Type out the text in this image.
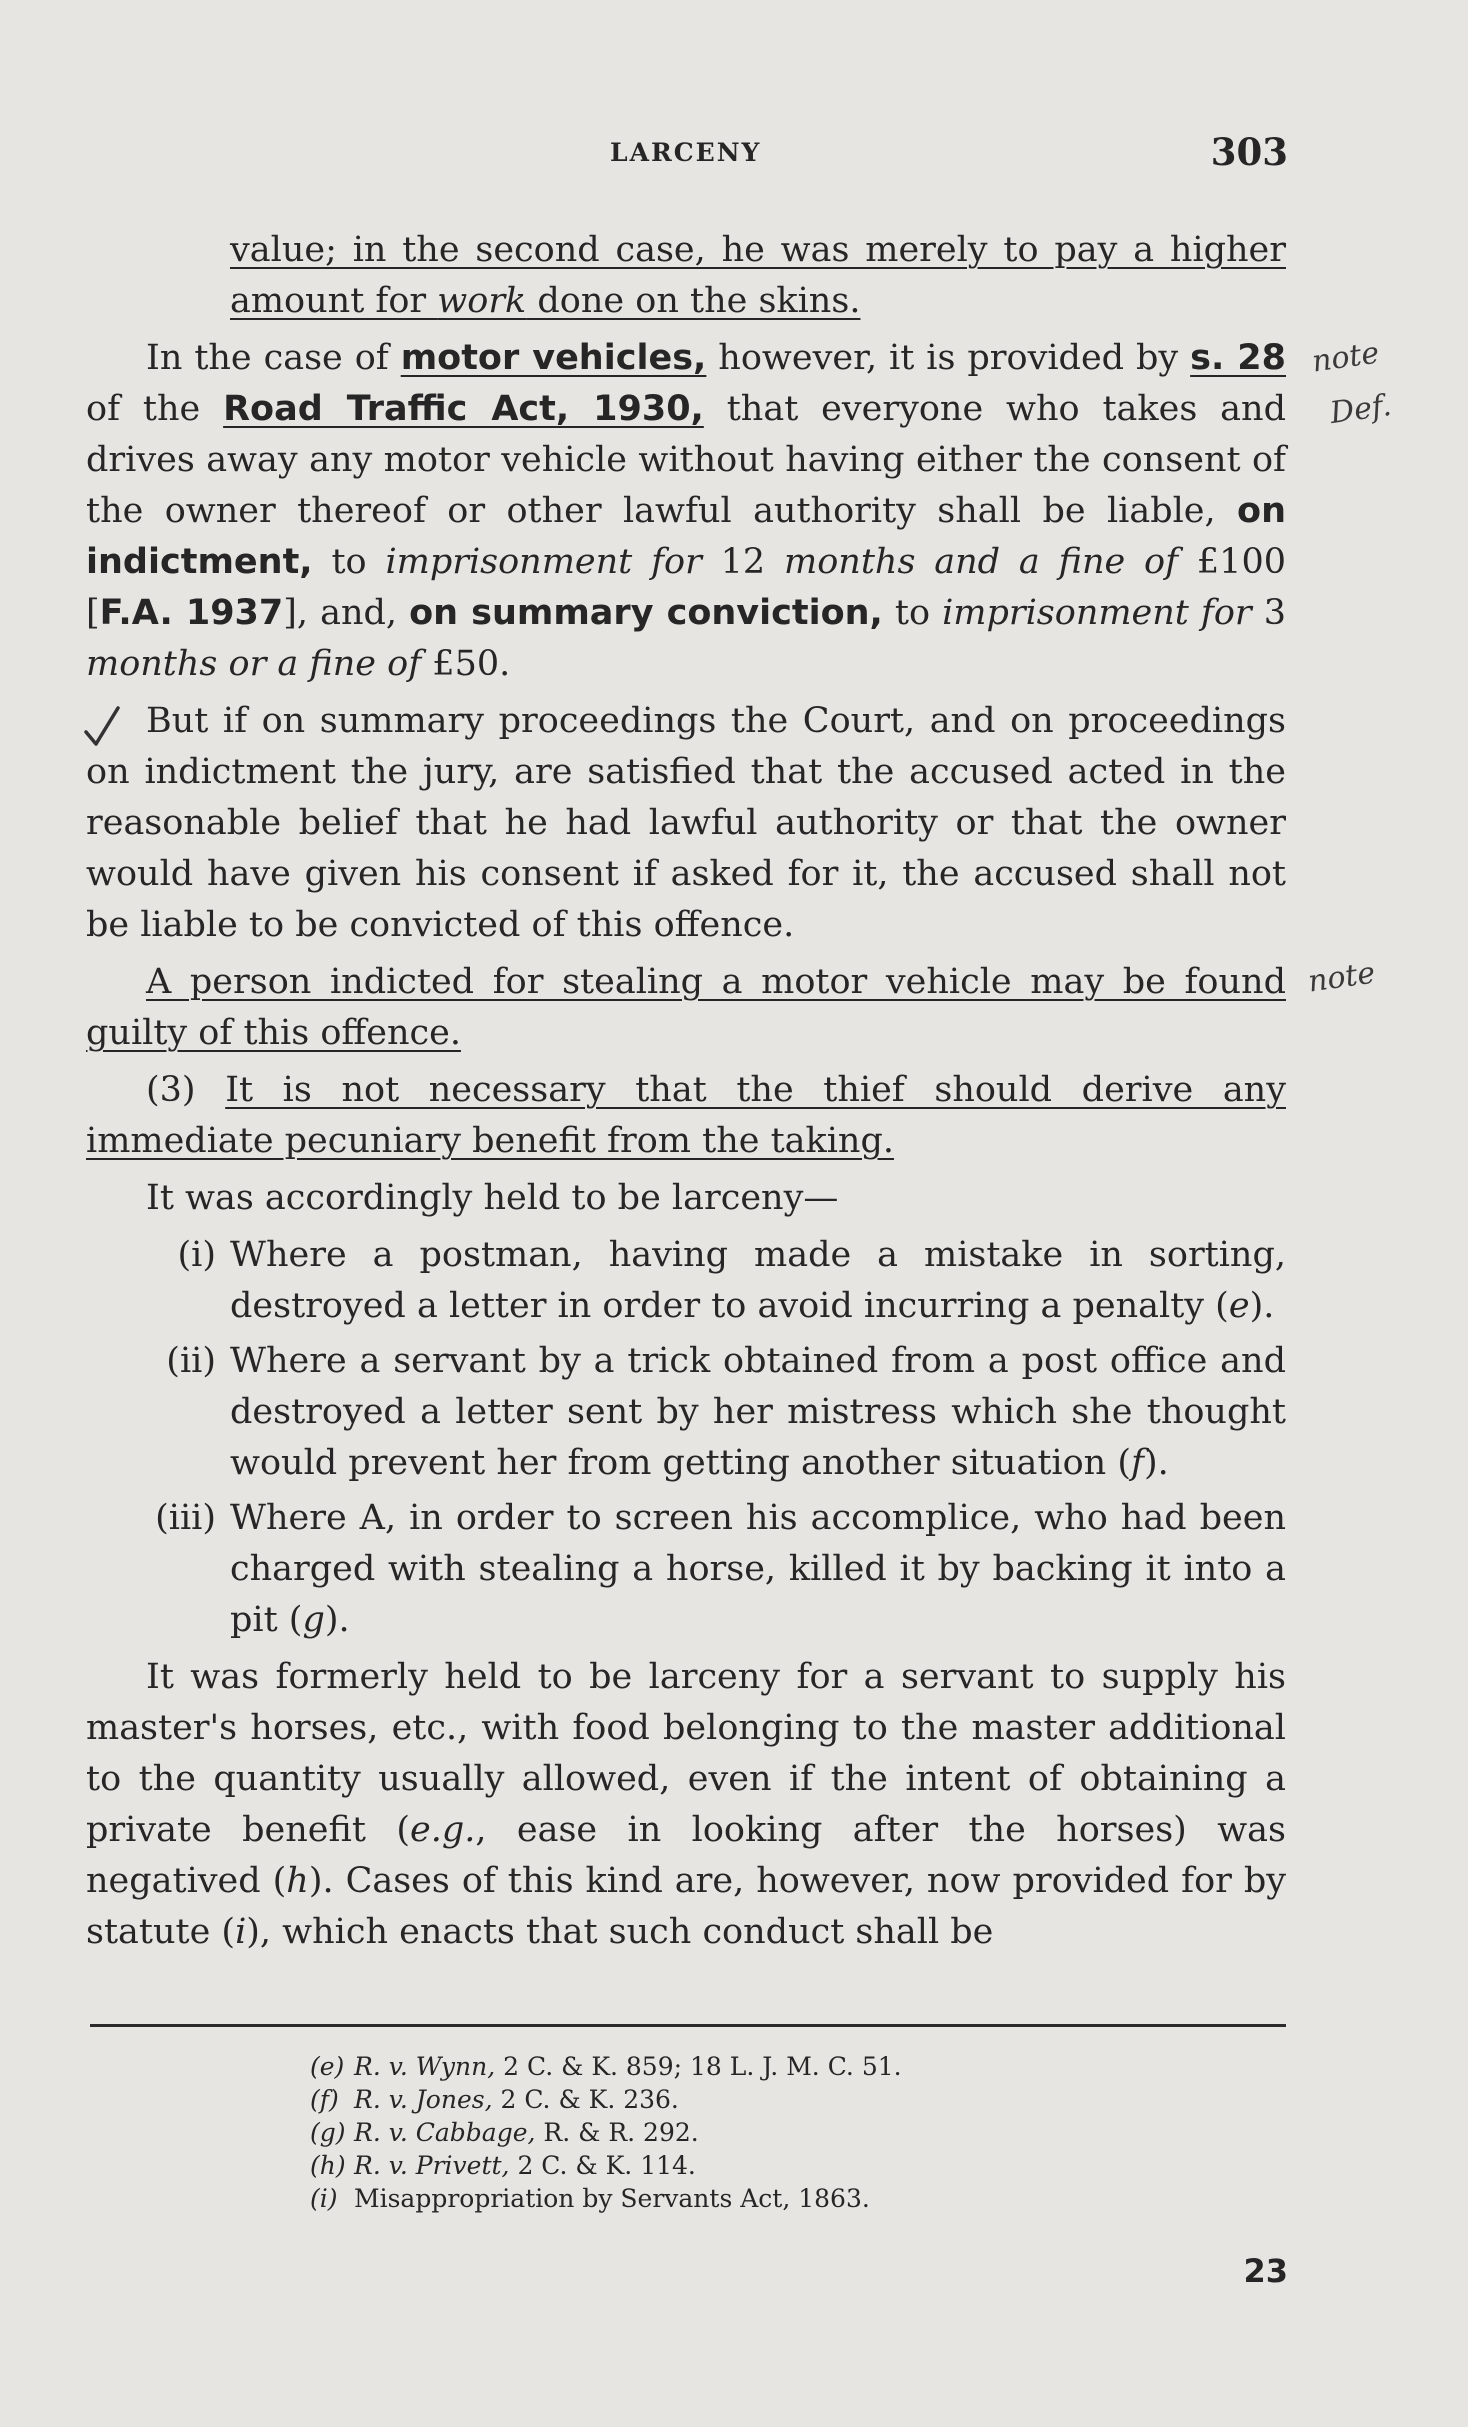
LARCENY	303

value; in the second case, he was merely to pay a higher amount for work done on the skins.

In the case of motor vehicles, however, it is provided by s. 28 of the Road Traffic Act, 1930, that everyone who takes and drives away any motor vehicle without having either the consent of the owner thereof or other lawful authority shall be liable, on indictment, to imprisonment for 12 months and a fine of £100 [F.A. 1937], and, on summary conviction, to imprisonment for 3 months or a fine of £50.

But if on summary proceedings the Court, and on proceedings on indictment the jury, are satisfied that the accused acted in the reasonable belief that he had lawful authority or that the owner would have given his consent if asked for it, the accused shall not be liable to be convicted of this offence.

A person indicted for stealing a motor vehicle may be found guilty of this offence.

(3) It is not necessary that the thief should derive any immediate pecuniary benefit from the taking.

It was accordingly held to be larceny—

(i) Where a postman, having made a mistake in sorting, destroyed a letter in order to avoid incurring a penalty (e).
(ii) Where a servant by a trick obtained from a post office and destroyed a letter sent by her mistress which she thought would prevent her from getting another situation (f).
(iii) Where A, in order to screen his accomplice, who had been charged with stealing a horse, killed it by backing it into a pit (g).

It was formerly held to be larceny for a servant to supply his master's horses, etc., with food belonging to the master additional to the quantity usually allowed, even if the intent of obtaining a private benefit (e.g., ease in looking after the horses) was negatived (h). Cases of this kind are, however, now provided for by statute (i), which enacts that such conduct shall be

(e) R. v. Wynn, 2 C. & K. 859; 18 L. J. M. C. 51.
(f) R. v. Jones, 2 C. & K. 236.
(g) R. v. Cabbage, R. & R. 292.
(h) R. v. Privett, 2 C. & K. 114.
(i) Misappropriation by Servants Act, 1863.
23
note
Def.
note
